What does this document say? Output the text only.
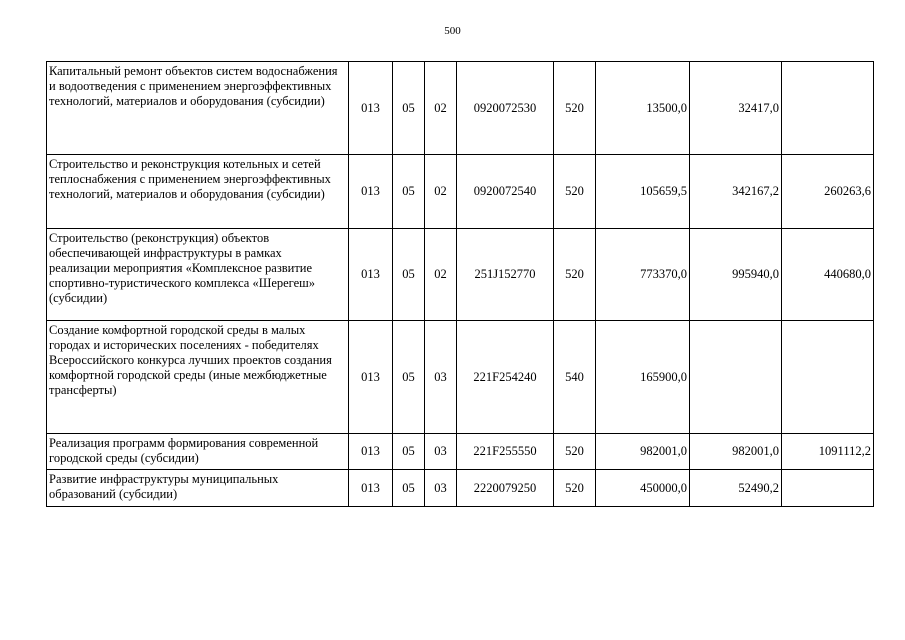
500
Капитальный ремонт объектов систем водоснабжения и водоотведения с применением энергоэффективных технологий, материалов и оборудования (субсидии)	013	05	02	0920072530	520	13500,0	32417,0	
Строительство и реконструкция котельных и сетей теплоснабжения с применением энергоэффективных технологий, материалов и оборудования (субсидии)	013	05	02	0920072540	520	105659,5	342167,2	260263,6
Строительство (реконструкция) объектов обеспечивающей инфраструктуры в рамках реализации мероприятия «Комплексное развитие спортивно-туристического комплекса «Шерегеш» (субсидии)	013	05	02	251J152770	520	773370,0	995940,0	440680,0
Создание комфортной городской среды в малых городах и исторических поселениях - победителях Всероссийского конкурса лучших проектов создания комфортной городской среды (иные межбюджетные трансферты)	013	05	03	221F254240	540	165900,0		
Реализация программ формирования современной городской среды (субсидии)	013	05	03	221F255550	520	982001,0	982001,0	1091112,2
Развитие инфраструктуры муниципальных образований (субсидии)	013	05	03	2220079250	520	450000,0	52490,2	
